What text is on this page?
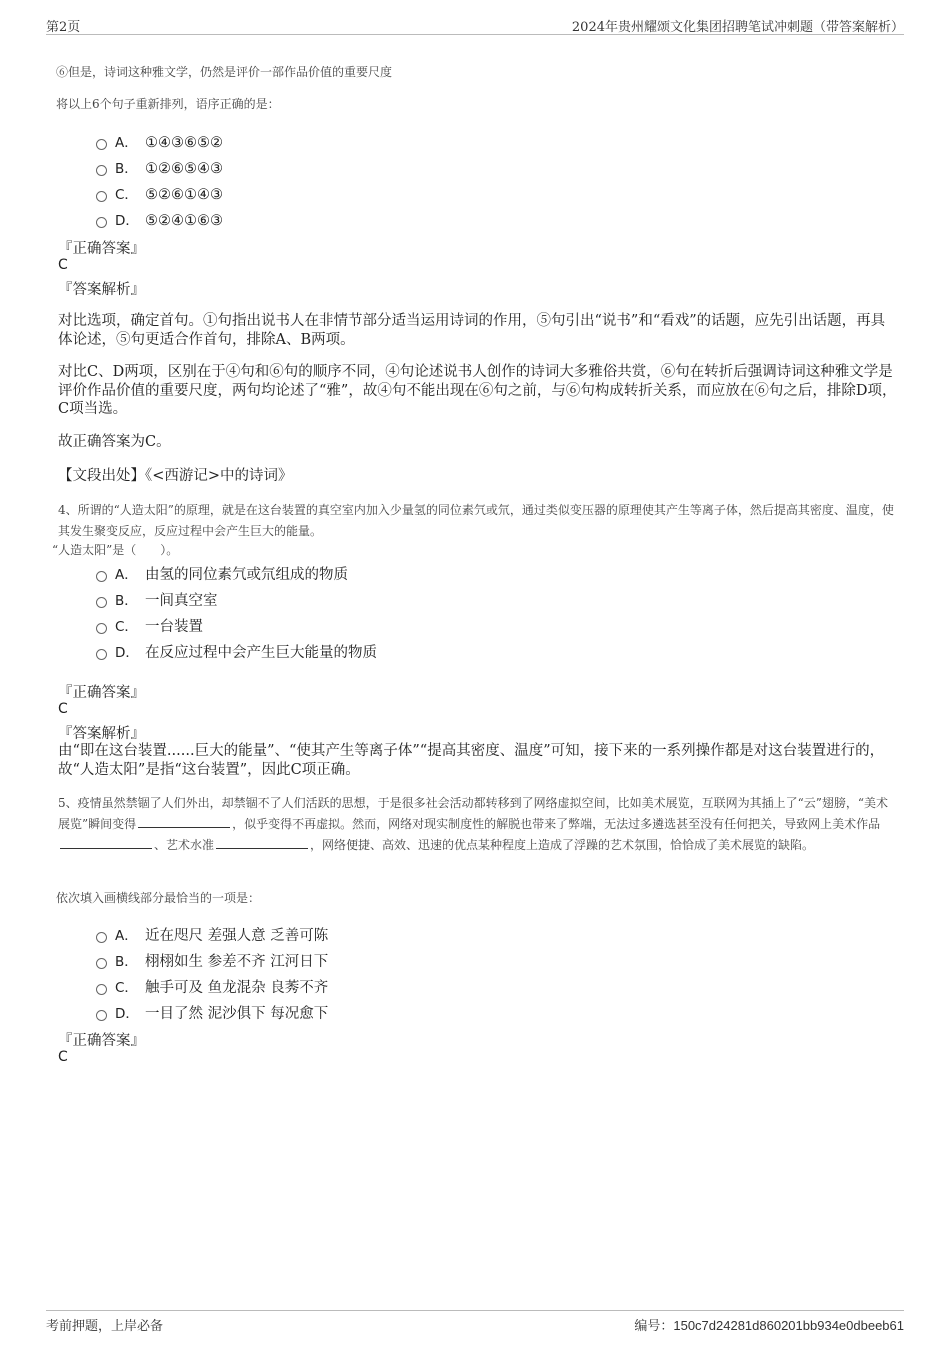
第2页	2024年贵州耀颂文化集团招聘笔试冲刺题（带答案解析）
⑥但是，诗词这种雅文学，仍然是评价一部作品价值的重要尺度
将以上6个句子重新排列，语序正确的是：
A． ①④③⑥⑤②
B． ①②⑥⑤④③
C． ⑤②⑥①④③
D． ⑤②④①⑥③
『正确答案』
C
『答案解析』
对比选项，确定首句。①句指出说书人在非情节部分适当运用诗词的作用，⑤句引出“说书”和“看戏”的话题，应先引出话题，再具体论述，⑤句更适合作首句，排除A、B两项。
对比C、D两项，区别在于④句和⑥句的顺序不同，④句论述说书人创作的诗词大多雅俗共赏，⑥句在转折后强调诗词这种雅文学是评价作品价值的重要尺度，两句均论述了“雅”，故④句不能出现在⑥句之前，与⑥句构成转折关系，而应放在⑥句之后，排除D项，C项当选。
故正确答案为C。
【文段出处】《<西游记>中的诗词》
4、所谓的“人造太阳”的原理，就是在这台装置的真空室内加入少量氢的同位素氕或氘，通过类似变压器的原理使其产生等离子体，然后提高其密度、温度，使其发生聚变反应，反应过程中会产生巨大的能量。
“人造太阳”是（　　）。
A． 由氢的同位素氕或氘组成的物质
B． 一间真空室
C． 一台装置
D． 在反应过程中会产生巨大能量的物质
『正确答案』
C
『答案解析』
由“即在这台装置......巨大的能量”、“使其产生等离子体”“提高其密度、温度”可知，接下来的一系列操作都是对这台装置进行的，故“人造太阳”是指“这台装置”，因此C项正确。
5、疫情虽然禁锢了人们外出，却禁锢不了人们活跃的思想，于是很多社会活动都转移到了网络虚拟空间，比如美术展览，互联网为其插上了“云”翅膀，“美术展览”瞬间变得	，似乎变得不再虚拟。然而，网络对现实制度性的解脱也带来了弊端，无法过多遴选甚至没有任何把关，导致网上美术作品、艺术水准	，网络便捷、高效、迅速的优点某种程度上造成了浮躁的艺术氛围，恰恰成了美术展览的缺陷。
依次填入画横线部分最恰当的一项是：
A． 近在咫尺 差强人意 乏善可陈
B． 栩栩如生 参差不齐 江河日下
C． 触手可及 鱼龙混杂 良莠不齐
D． 一目了然 泥沙俱下 每况愈下
『正确答案』
C
考前押题，上岸必备	编号：150c7d24281d860201bb934e0dbeeb61
